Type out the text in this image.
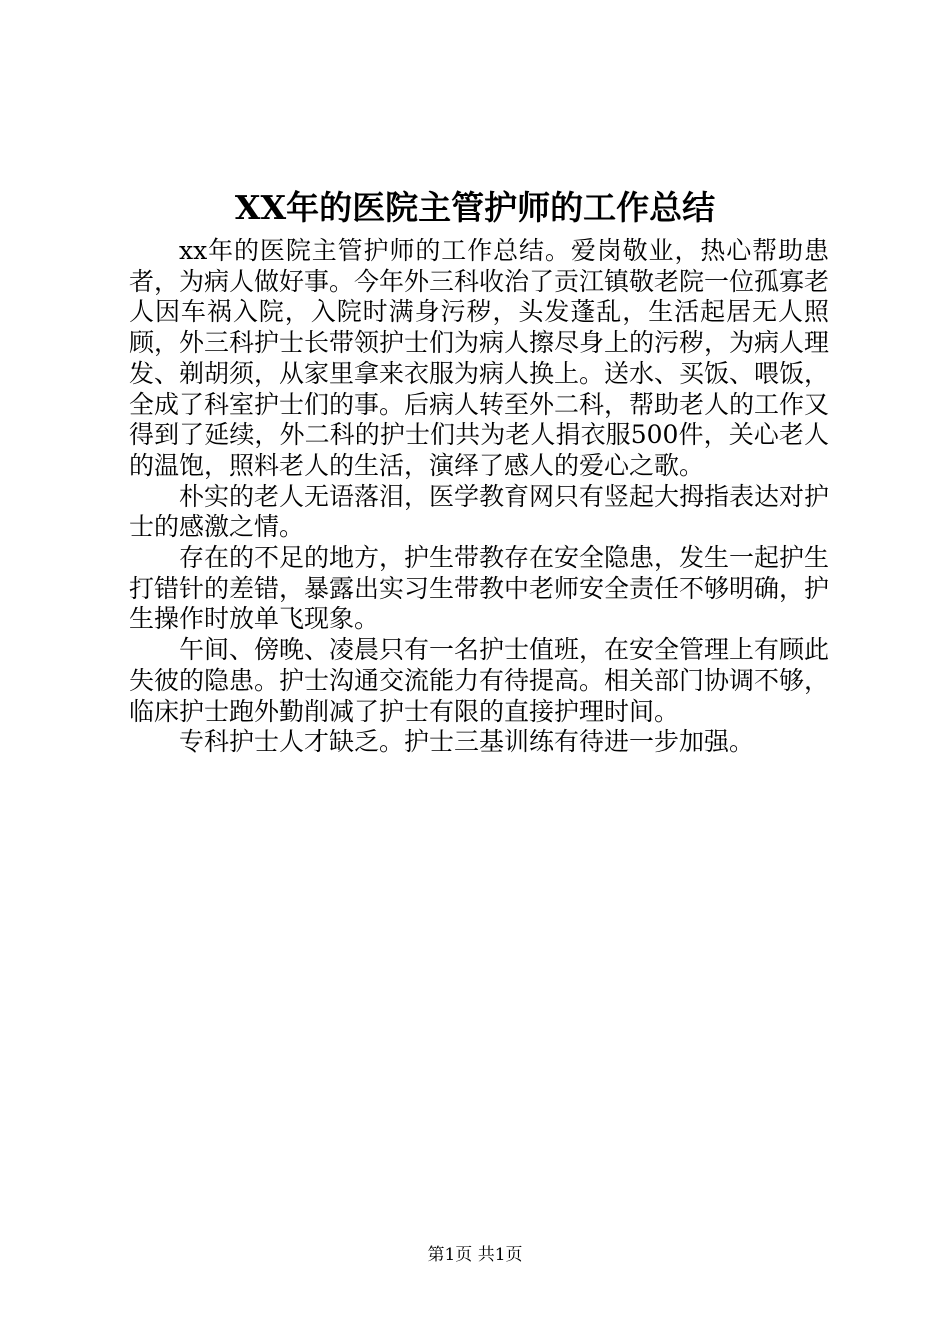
XX年的医院主管护师的工作总结

xx年的医院主管护师的工作总结。爱岗敬业，热心帮助患者，为病人做好事。今年外三科收治了贡江镇敬老院一位孤寡老人因车祸入院，入院时满身污秽，头发蓬乱，生活起居无人照顾，外三科护士长带领护士们为病人擦尽身上的污秽，为病人理发、剃胡须，从家里拿来衣服为病人换上。送水、买饭、喂饭，全成了科室护士们的事。后病人转至外二科，帮助老人的工作又得到了延续，外二科的护士们共为老人捐衣服500件，关心老人的温饱，照料老人的生活，演绎了感人的爱心之歌。

朴实的老人无语落泪，医学教育网只有竖起大拇指表达对护士的感激之情。

存在的不足的地方，护生带教存在安全隐患，发生一起护生打错针的差错，暴露出实习生带教中老师安全责任不够明确，护生操作时放单飞现象。

午间、傍晚、凌晨只有一名护士值班，在安全管理上有顾此失彼的隐患。护士沟通交流能力有待提高。相关部门协调不够，临床护士跑外勤削减了护士有限的直接护理时间。

专科护士人才缺乏。护士三基训练有待进一步加强。

第1页 共1页
